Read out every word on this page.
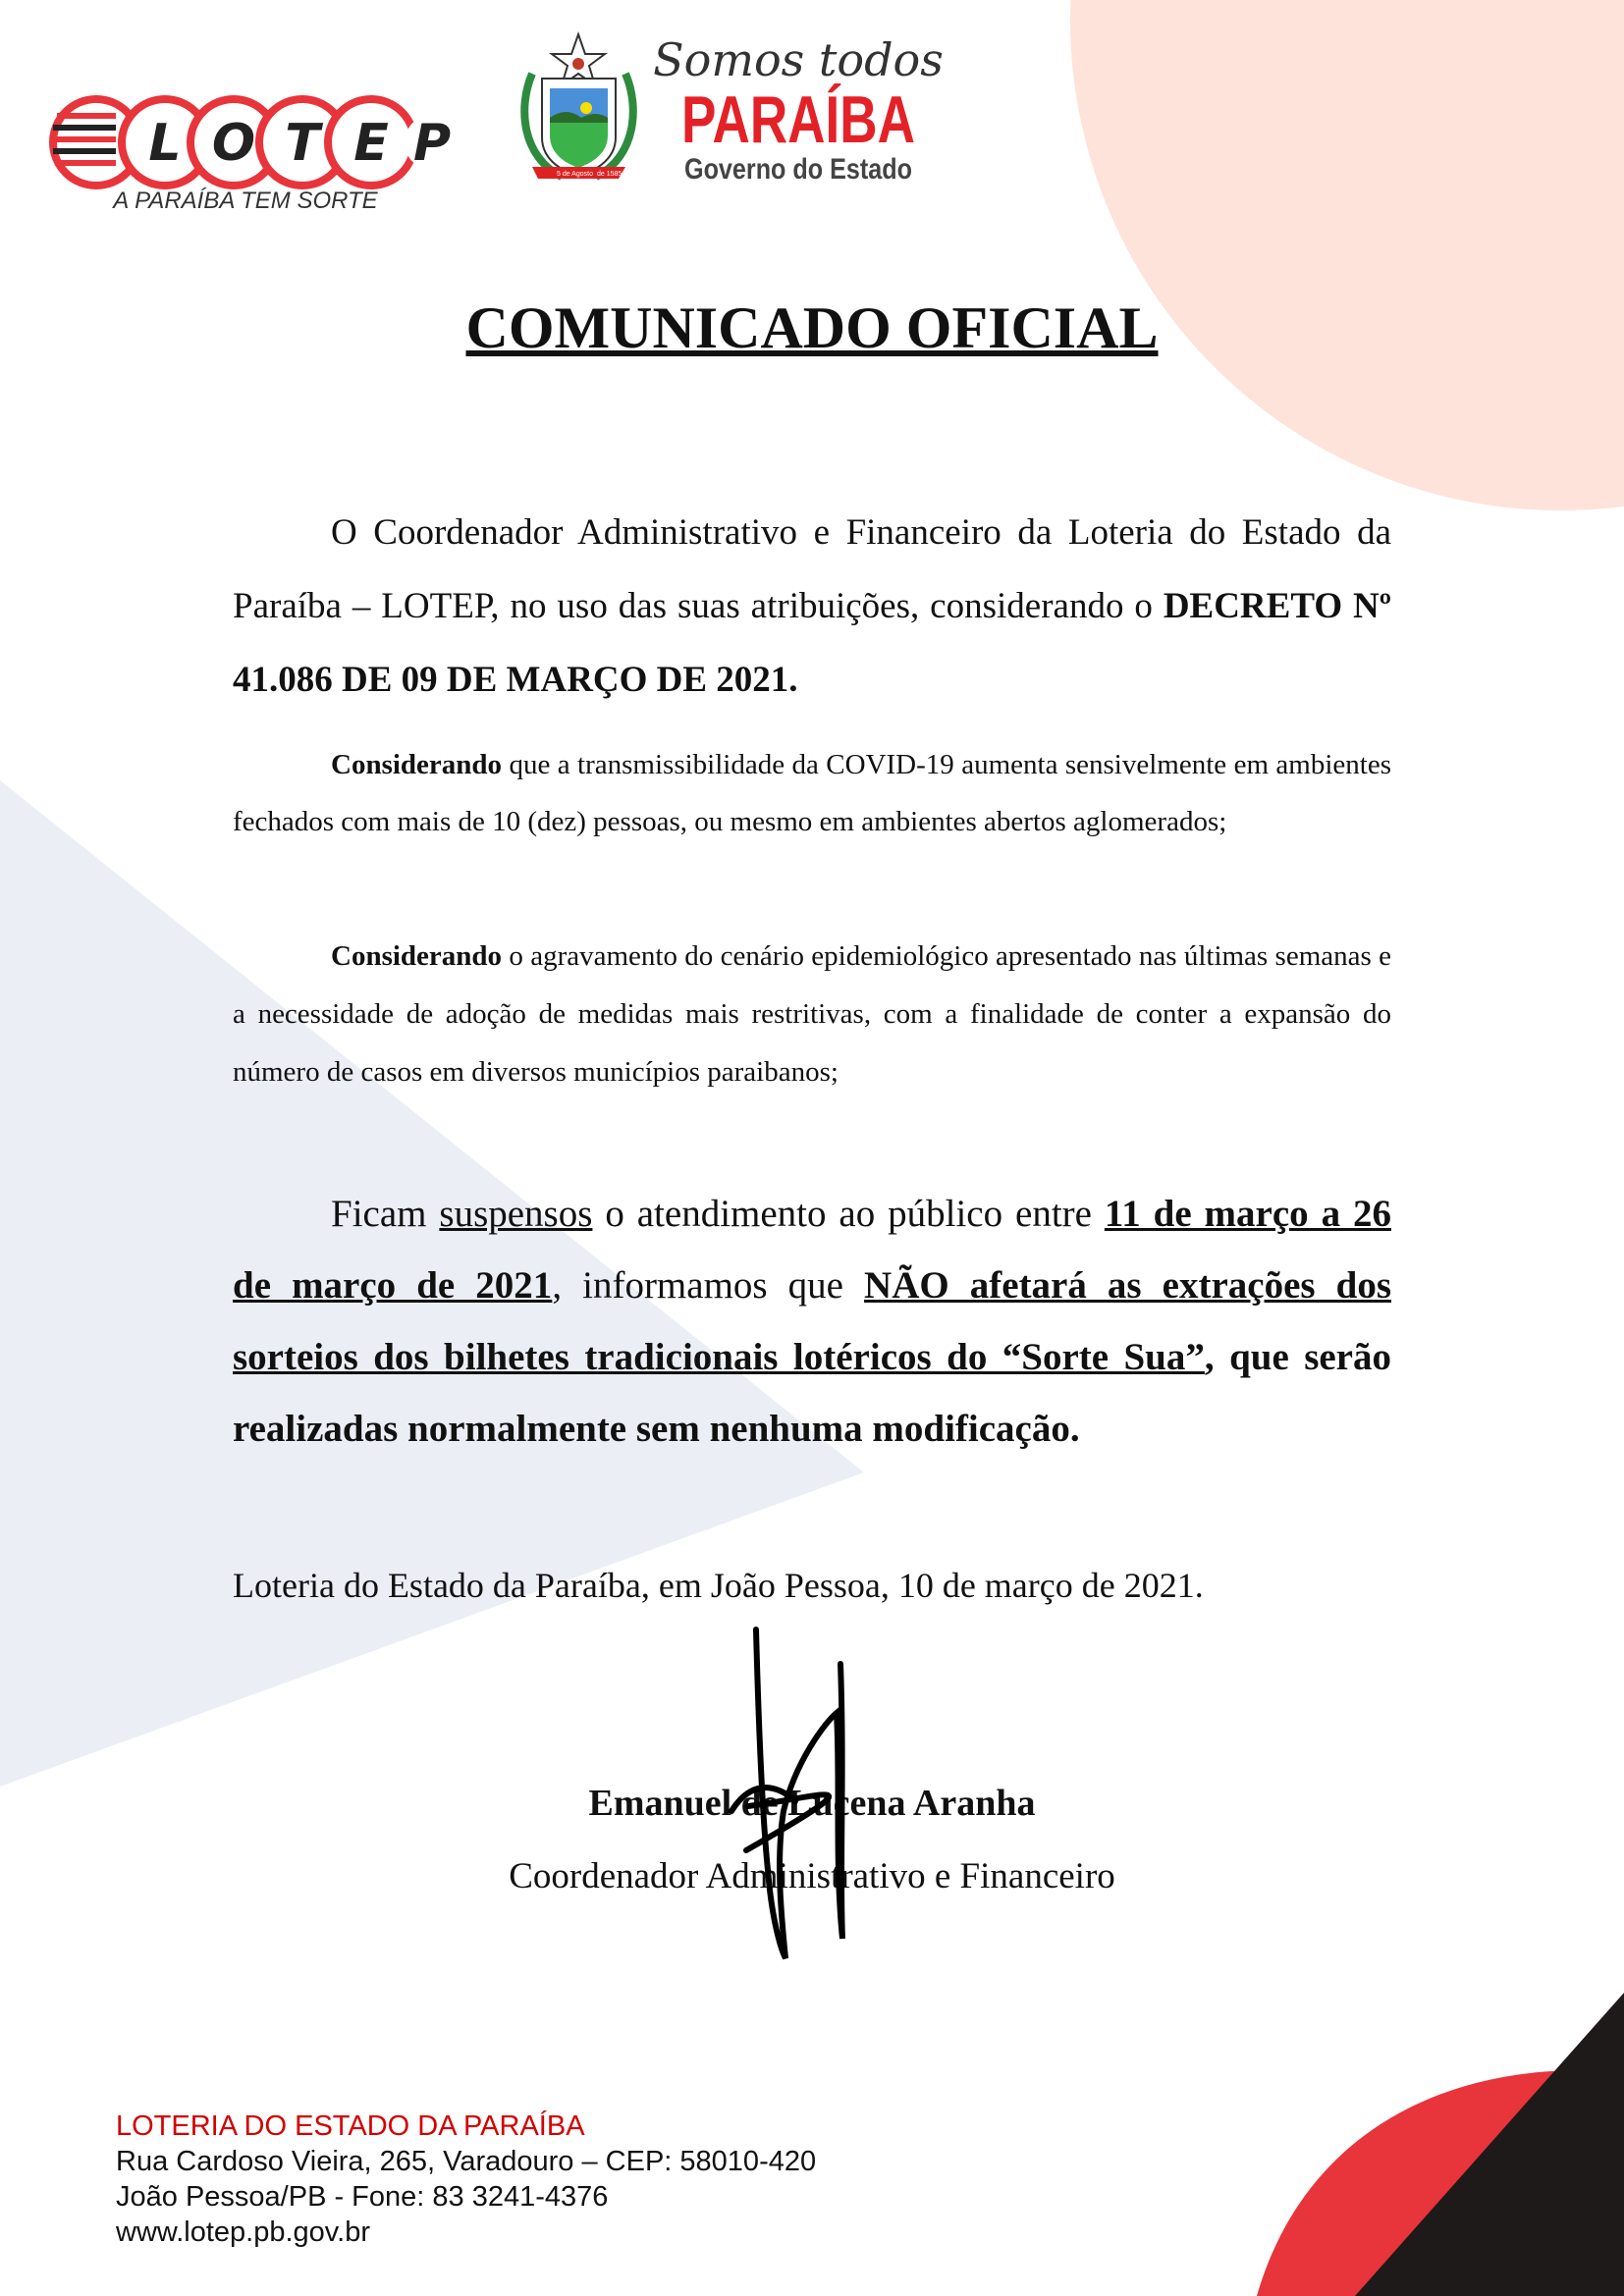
L O T E P
A PARAÍBA TEM SORTE
5 de Agosto de 1585
Somos todos
PARAÍBA
Governo do Estado
COMUNICADO OFICIAL
O Coordenador Administrativo e Financeiro da Loteria do Estado da Paraíba – LOTEP, no uso das suas atribuições, considerando o DECRETO Nº 41.086 DE 09 DE MARÇO DE 2021.
Considerando que a transmissibilidade da COVID-19 aumenta sensivelmente em ambientes fechados com mais de 10 (dez) pessoas, ou mesmo em ambientes abertos aglomerados;
Considerando o agravamento do cenário epidemiológico apresentado nas últimas semanas e a necessidade de adoção de medidas mais restritivas, com a finalidade de conter a expansão do número de casos em diversos municípios paraibanos;
Ficam suspensos o atendimento ao público entre 11 de março a 26 de março de 2021, informamos que NÃO afetará as extrações dos sorteios dos bilhetes tradicionais lotéricos do “Sorte Sua”, que serão realizadas normalmente sem nenhuma modificação.
Loteria do Estado da Paraíba, em João Pessoa, 10 de março de 2021.
Emanuel de Lucena Aranha
Coordenador Administrativo e Financeiro
LOTERIA DO ESTADO DA PARAÍBA
Rua Cardoso Vieira, 265, Varadouro – CEP: 58010-420
João Pessoa/PB - Fone: 83 3241-4376
www.lotep.pb.gov.br
